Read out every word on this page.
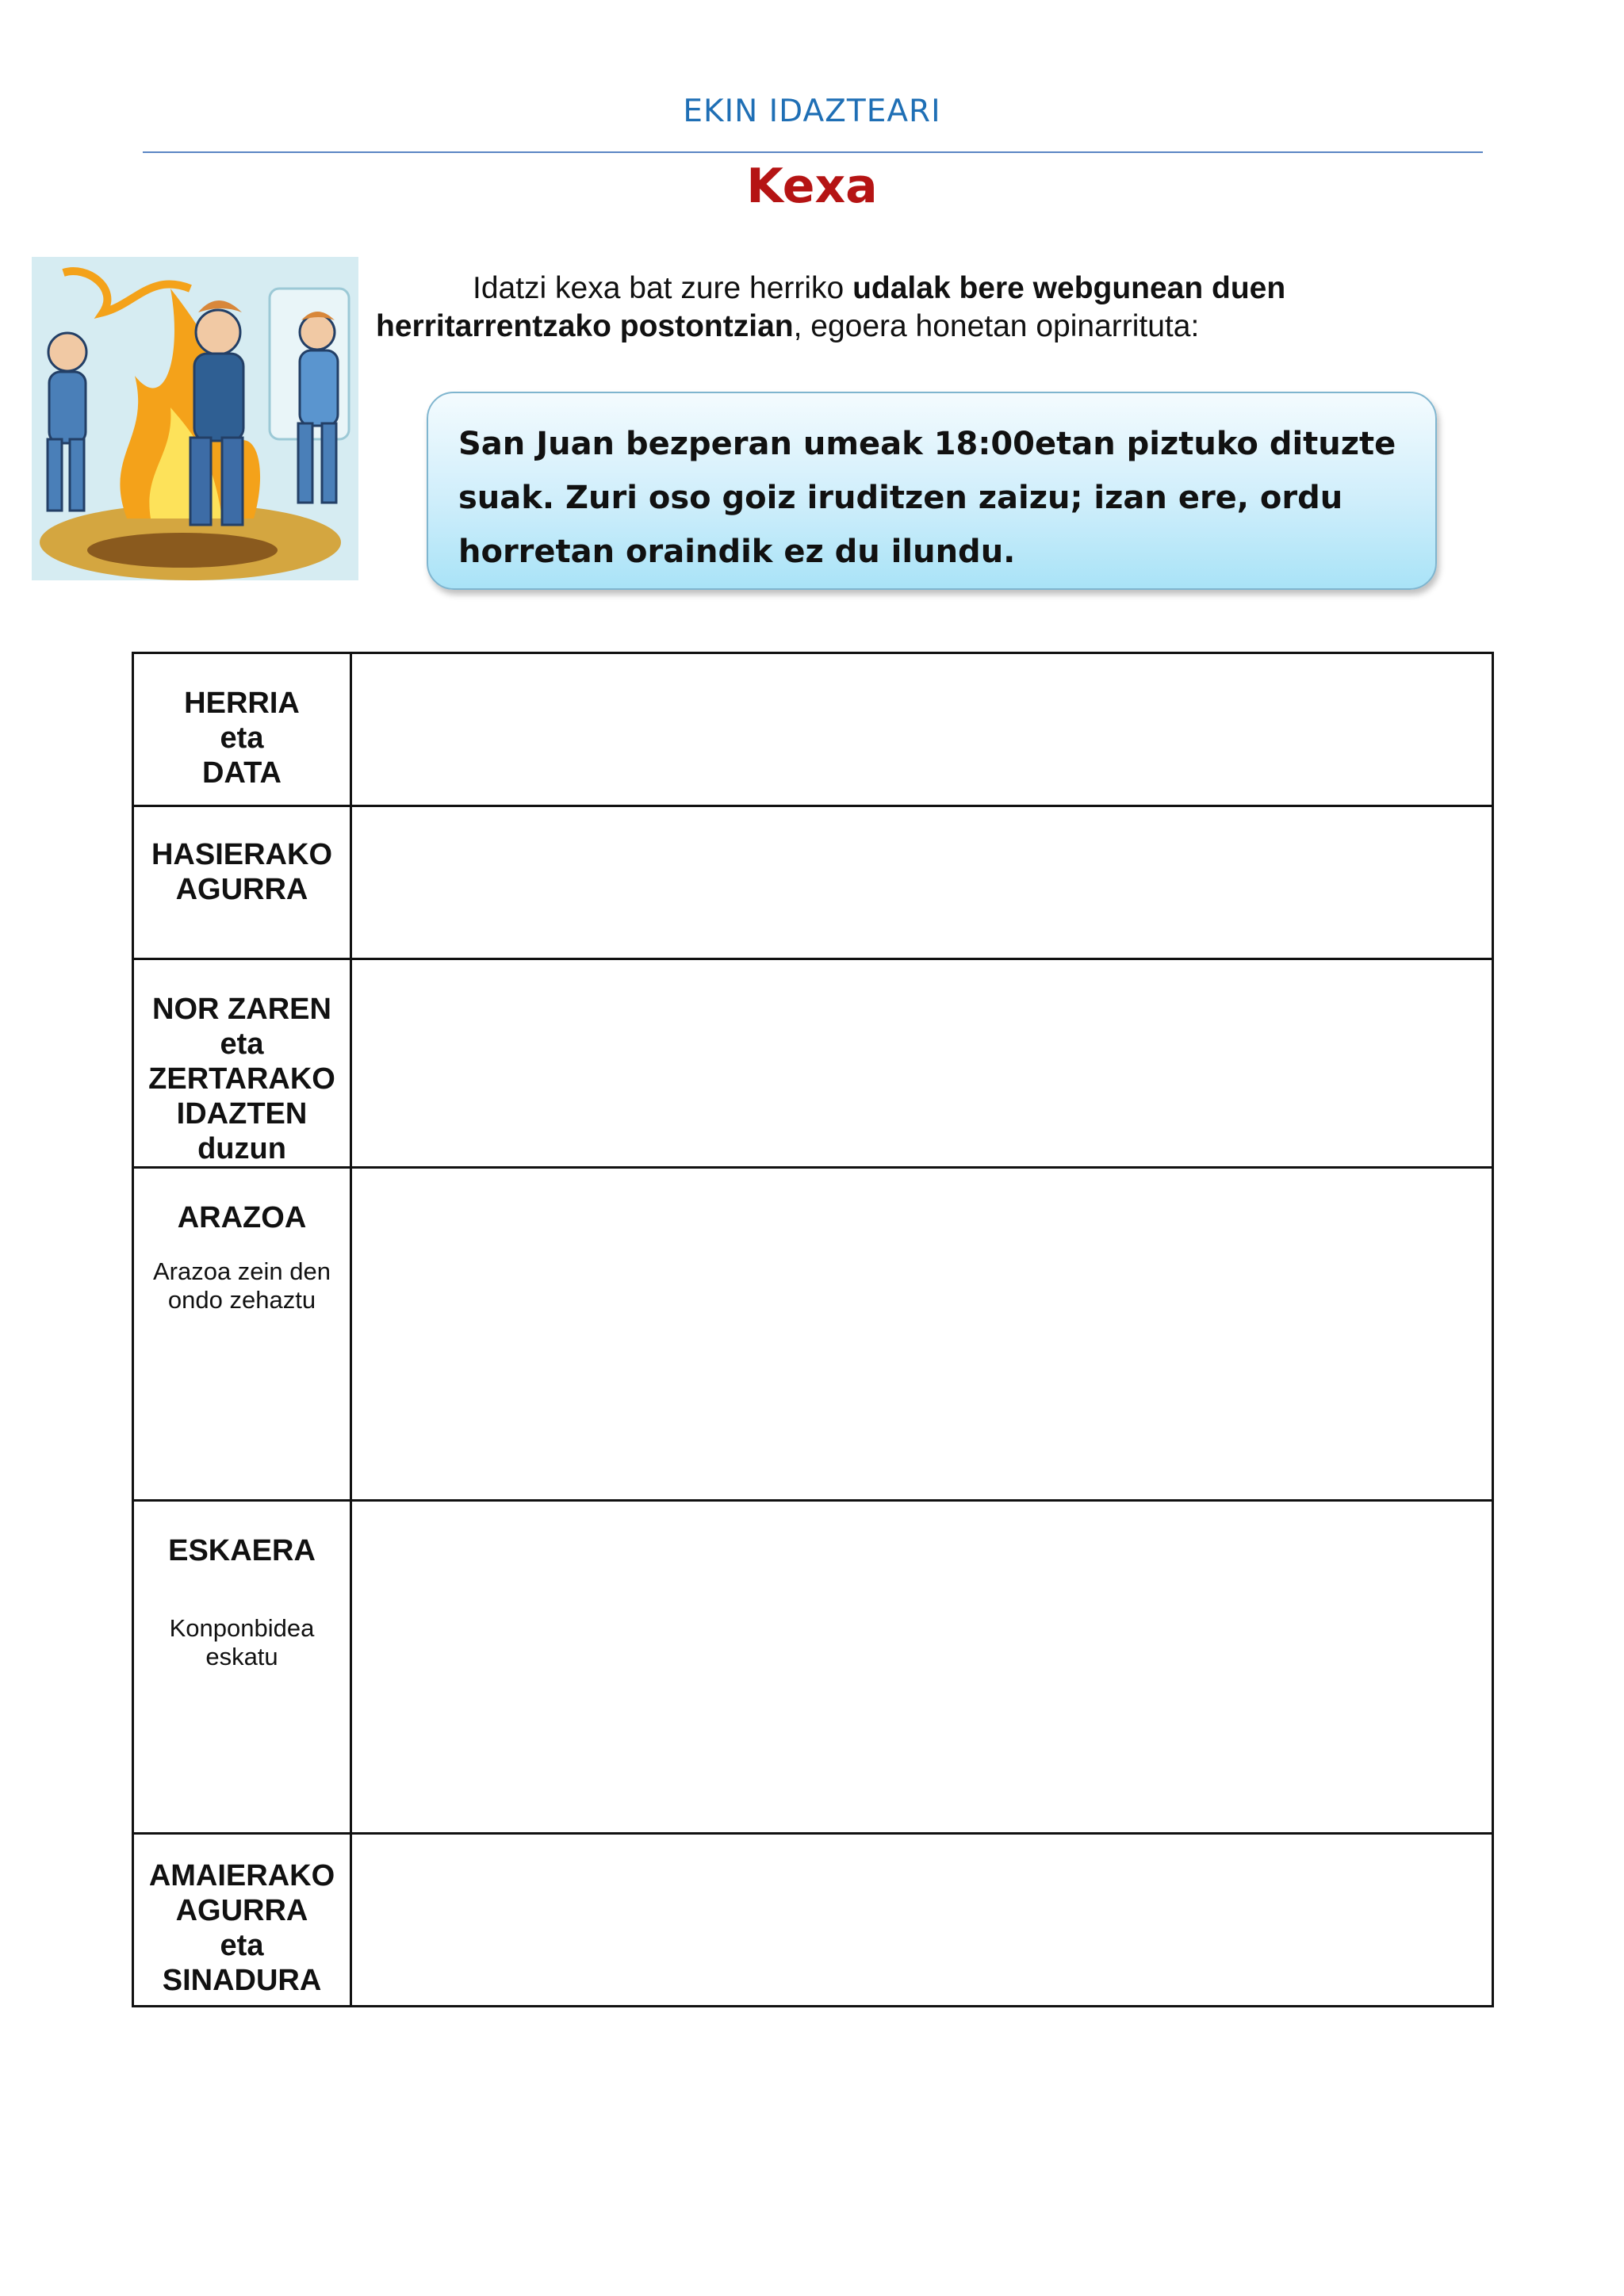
EKIN IDAZTEARI
Kexa
Idatzi kexa bat zure herriko udalak bere webgunean duen herritarrentzako postontzian, egoera honetan opinarrituta:
San Juan bezperan umeak 18:00etan piztuko dituzte suak. Zuri oso goiz iruditzen zaizu; izan ere, ordu horretan oraindik ez du ilundu.
HERRIA
eta
DATA	

HASIERAKO
AGURRA	

NOR ZAREN
eta
ZERTARAKO
IDAZTEN
duzun	

ARAZOA
Arazoa zein den
ondo zehaztu	

ESKAERA
Konponbidea
eskatu	

AMAIERAKO
AGURRA
eta
SINADURA	
